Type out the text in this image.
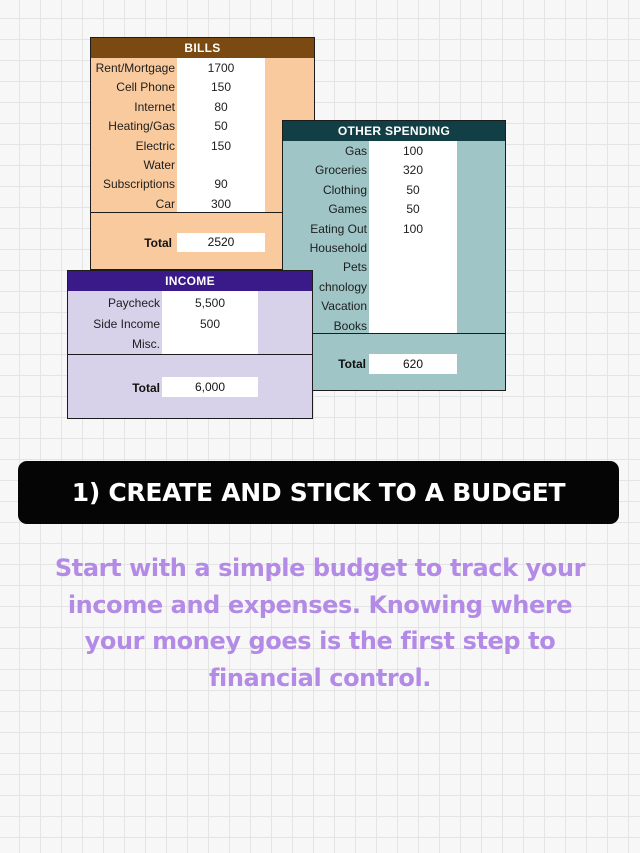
BILLS
Rent/Mortgage	1700
Cell Phone	150
Internet	80
Heating/Gas	50
Electric	150
Water
Subscriptions	90
Car	300
Total	2520
OTHER SPENDING
Gas	100
Groceries	320
Clothing	50
Games	50
Eating Out	100
Household
Pets
chnology
Vacation
Books
Total	620
INCOME
Paycheck	5,500
Side Income	500
Misc.
Total	6,000
1) CREATE AND STICK TO A BUDGET
Start with a simple budget to track your income and expenses. Knowing where your money goes is the first step to financial control.
